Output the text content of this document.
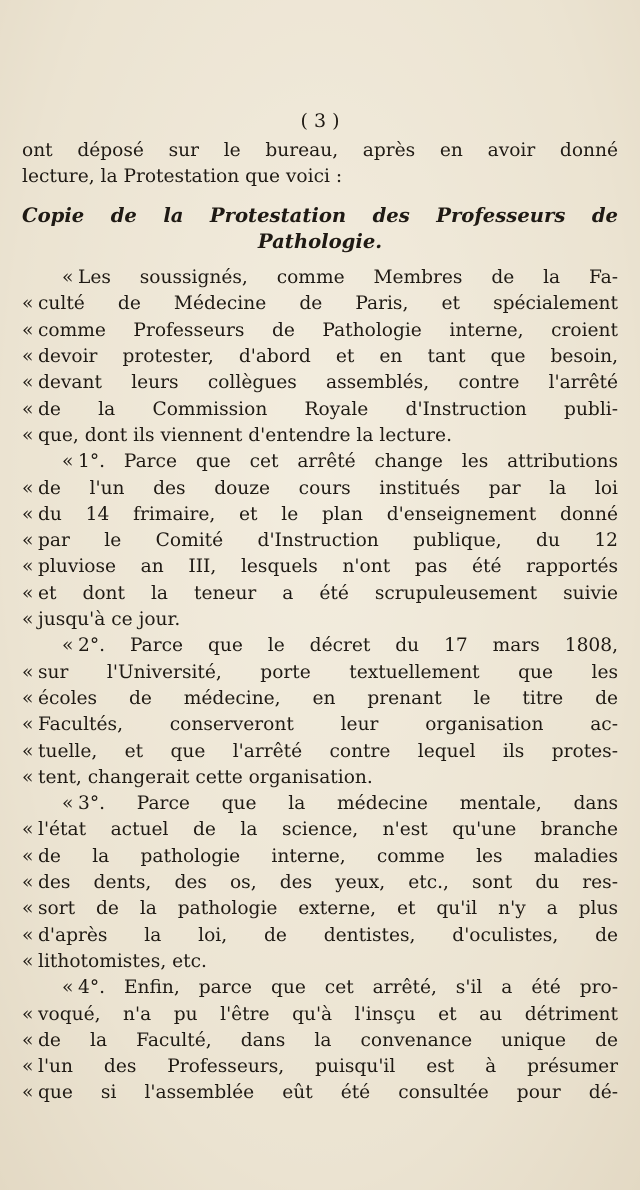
( 3 )
ont déposé sur le bureau, après en avoir donné
lecture, la Protestation que voici :
Copie de la Protestation des Professeurs de
Pathologie.
«Les soussignés, comme Membres de la Fa-
«culté de Médecine de Paris, et spécialement
«comme Professeurs de Pathologie interne, croient
«devoir protester, d'abord et en tant que besoin,
«devant leurs collègues assemblés, contre l'arrêté
«de la Commission Royale d'Instruction publi-
«que, dont ils viennent d'entendre la lecture.
«1°. Parce que cet arrêté change les attributions
«de l'un des douze cours institués par la loi
«du 14 frimaire, et le plan d'enseignement donné
«par le Comité d'Instruction publique, du 12
«pluviose an III, lesquels n'ont pas été rapportés
«et dont la teneur a été scrupuleusement suivie
«jusqu'à ce jour.
«2°. Parce que le décret du 17 mars 1808,
«sur l'Université, porte textuellement que les
«écoles de médecine, en prenant le titre de
«Facultés, conserveront leur organisation ac-
«tuelle, et que l'arrêté contre lequel ils protes-
«tent, changerait cette organisation.
«3°. Parce que la médecine mentale, dans
«l'état actuel de la science, n'est qu'une branche
«de la pathologie interne, comme les maladies
«des dents, des os, des yeux, etc., sont du res-
«sort de la pathologie externe, et qu'il n'y a plus
«d'après la loi, de dentistes, d'oculistes, de
«lithotomistes, etc.
«4°. Enfin, parce que cet arrêté, s'il a été pro-
«voqué, n'a pu l'être qu'à l'insçu et au détriment
«de la Faculté, dans la convenance unique de
«l'un des Professeurs, puisqu'il est à présumer
«que si l'assemblée eût été consultée pour dé-
